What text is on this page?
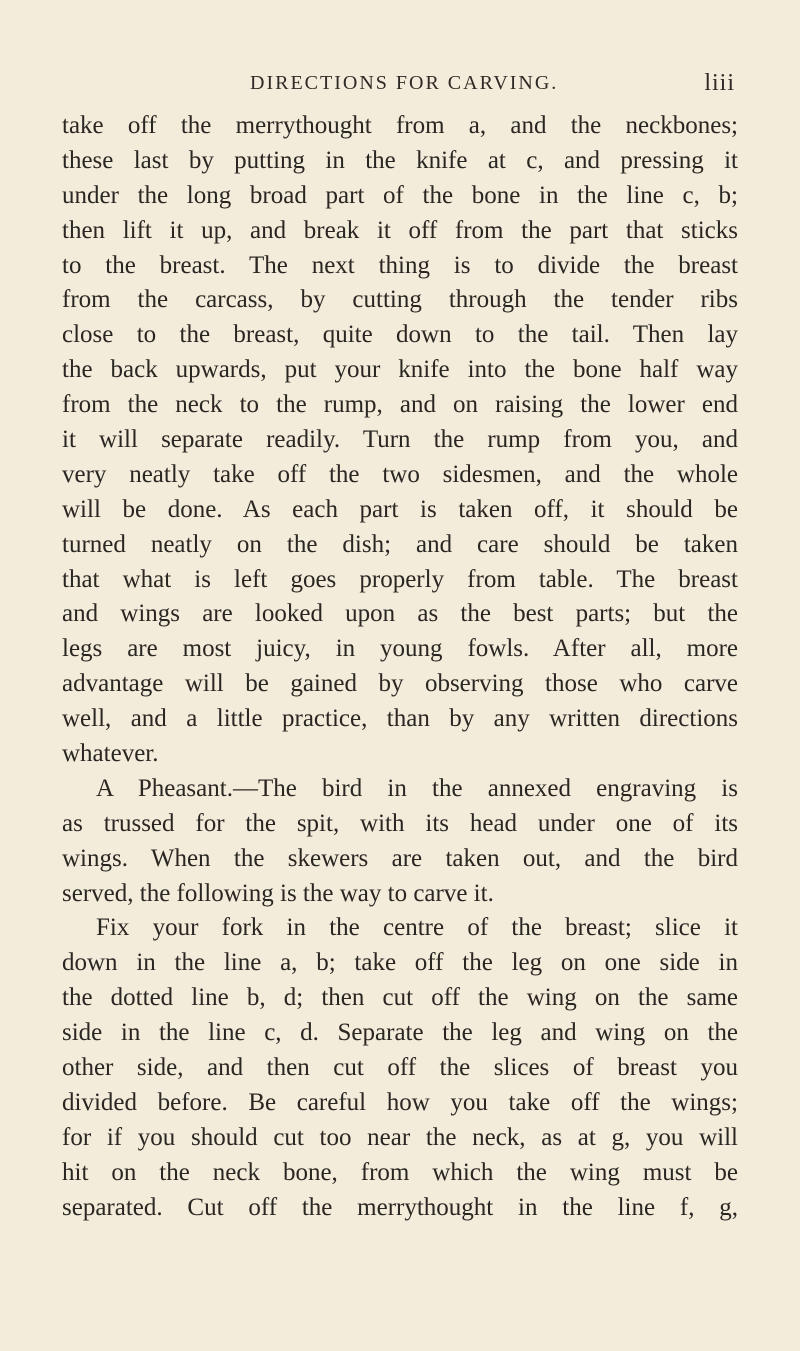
DIRECTIONS FOR CARVING.	liii
take off the merrythought from a, and the neckbones;
these last by putting in the knife at c, and pressing it
under the long broad part of the bone in the line c, b;
then lift it up, and break it off from the part that sticks
to the breast. The next thing is to divide the breast
from the carcass, by cutting through the tender ribs
close to the breast, quite down to the tail. Then lay
the back upwards, put your knife into the bone half way
from the neck to the rump, and on raising the lower end
it will separate readily. Turn the rump from you, and
very neatly take off the two sidesmen, and the whole
will be done. As each part is taken off, it should be
turned neatly on the dish; and care should be taken
that what is left goes properly from table. The breast
and wings are looked upon as the best parts; but the
legs are most juicy, in young fowls. After all, more
advantage will be gained by observing those who carve
well, and a little practice, than by any written directions
whatever.
A Pheasant.—The bird in the annexed engraving is
as trussed for the spit, with its head under one of its
wings. When the skewers are taken out, and the bird
served, the following is the way to carve it.
Fix your fork in the centre of the breast; slice it
down in the line a, b; take off the leg on one side in
the dotted line b, d; then cut off the wing on the same
side in the line c, d. Separate the leg and wing on the
other side, and then cut off the slices of breast you
divided before. Be careful how you take off the wings;
for if you should cut too near the neck, as at g, you will
hit on the neck bone, from which the wing must be
separated. Cut off the merrythought in the line f, g,
